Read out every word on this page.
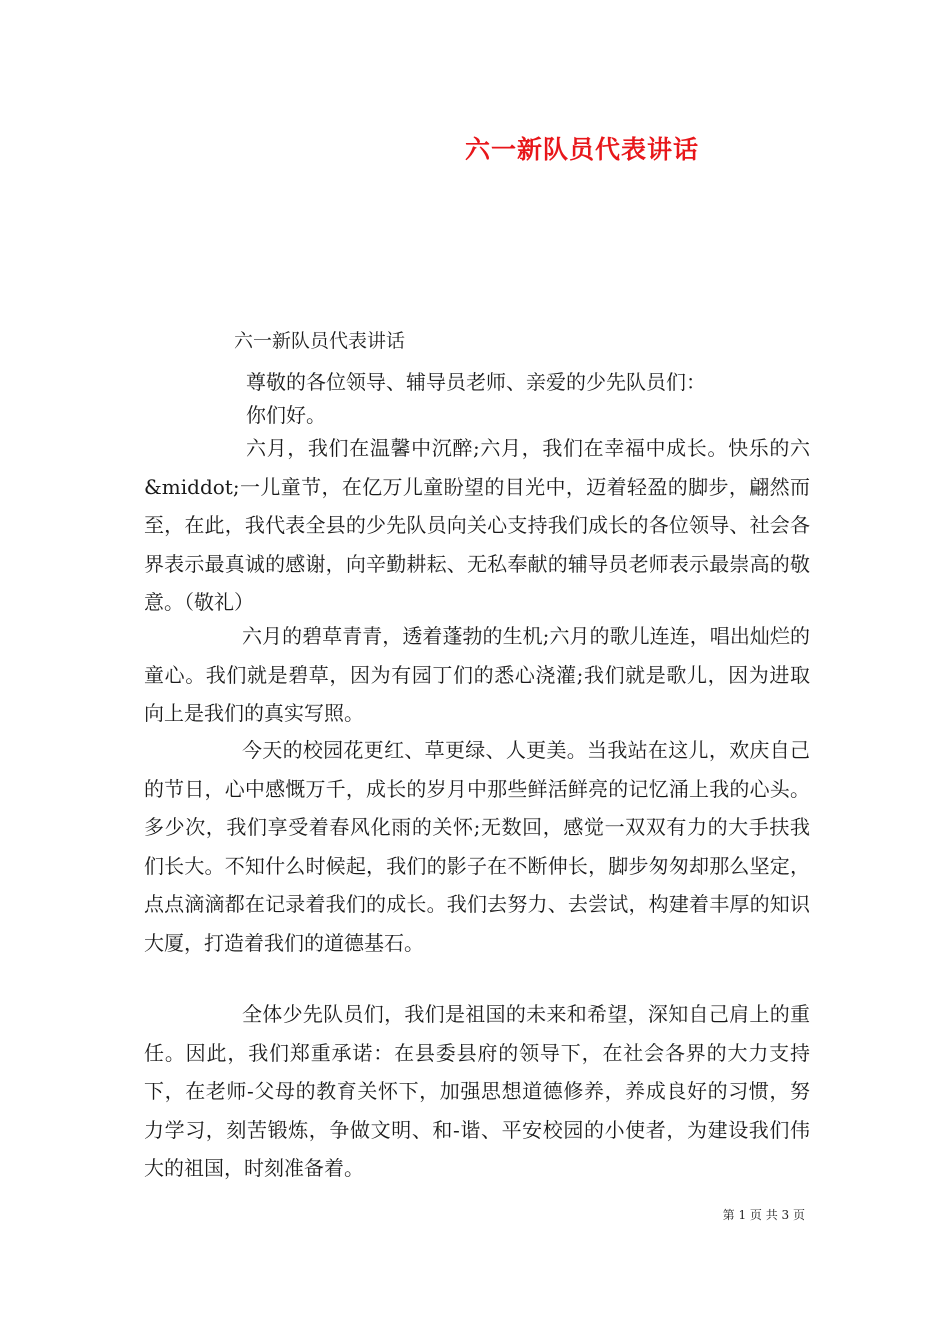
六一新队员代表讲话
六一新队员代表讲话
尊敬的各位领导、辅导员老师、亲爱的少先队员们：
你们好。
六月，我们在温馨中沉醉;六月，我们在幸福中成长。快乐的六&middot;一儿童节，在亿万儿童盼望的目光中，迈着轻盈的脚步，翩然而至，在此，我代表全县的少先队员向关心支持我们成长的各位领导、社会各界表示最真诚的感谢，向辛勤耕耘、无私奉献的辅导员老师表示最崇高的敬意。（敬礼）
六月的碧草青青，透着蓬勃的生机;六月的歌儿连连，唱出灿烂的童心。我们就是碧草，因为有园丁们的悉心浇灌;我们就是歌儿，因为进取向上是我们的真实写照。
今天的校园花更红、草更绿、人更美。当我站在这儿，欢庆自己的节日，心中感慨万千，成长的岁月中那些鲜活鲜亮的记忆涌上我的心头。多少次，我们享受着春风化雨的关怀;无数回，感觉一双双有力的大手扶我们长大。不知什么时候起，我们的影子在不断伸长，脚步匆匆却那么坚定，点点滴滴都在记录着我们的成长。我们去努力、去尝试，构建着丰厚的知识大厦，打造着我们的道德基石。
全体少先队员们，我们是祖国的未来和希望，深知自己肩上的重任。因此，我们郑重承诺：在县委县府的领导下，在社会各界的大力支持下，在老师-父母的教育关怀下，加强思想道德修养，养成良好的习惯，努力学习，刻苦锻炼，争做文明、和-谐、平安校园的小使者，为建设我们伟大的祖国，时刻准备着。
第 1 页 共 3 页
